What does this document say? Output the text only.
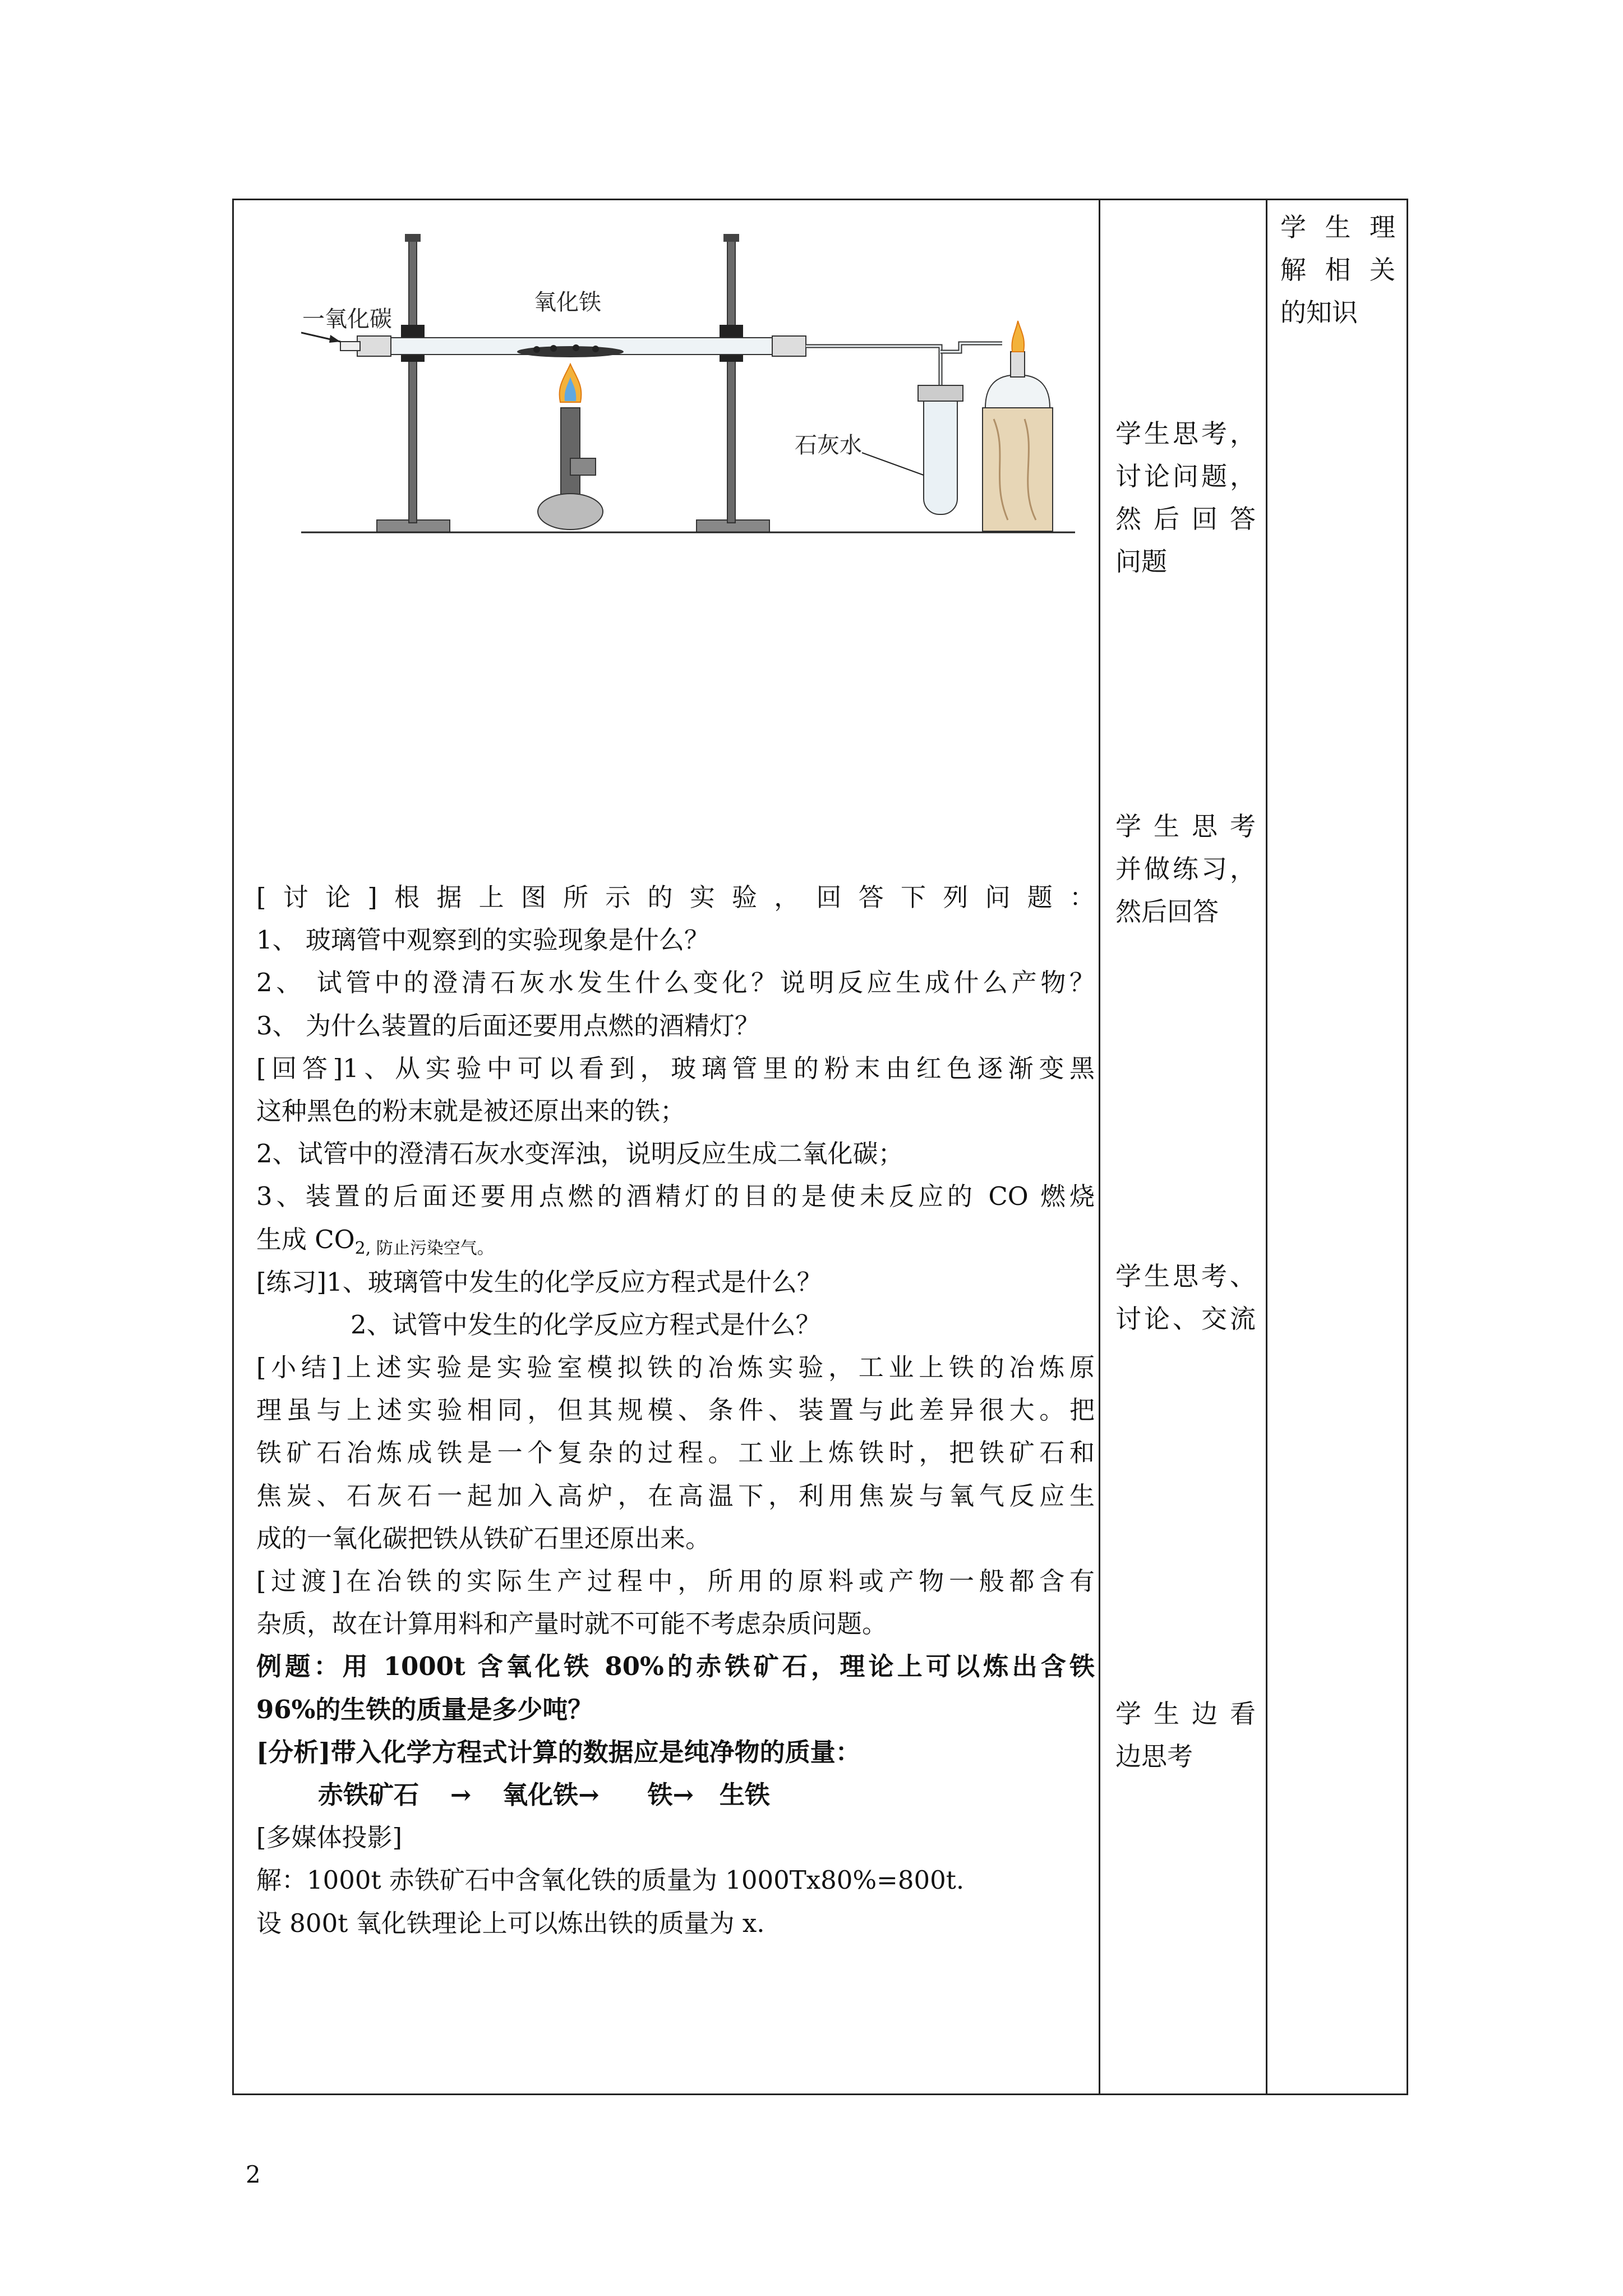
一氧化碳
氧化铁
石灰水
[讨论]根据上图所示的实验，回答下列问题：
1、 玻璃管中观察到的实验现象是什么？
2、 试管中的澄清石灰水发生什么变化？说明反应生成什么产物？
3、 为什么装置的后面还要用点燃的酒精灯？
[回答]1、从实验中可以看到，玻璃管里的粉末由红色逐渐变黑
这种黑色的粉末就是被还原出来的铁；
2、试管中的澄清石灰水变浑浊，说明反应生成二氧化碳；
3、装置的后面还要用点燃的酒精灯的目的是使未反应的 CO 燃烧
生成 $CO_{2, 防止污染空气。}$
[练习]1、玻璃管中发生的化学反应方程式是什么？
2、试管中发生的化学反应方程式是什么？
[小结]上述实验是实验室模拟铁的冶炼实验，工业上铁的冶炼原
理虽与上述实验相同，但其规模、条件、装置与此差异很大。把
铁矿石冶炼成铁是一个复杂的过程。工业上炼铁时，把铁矿石和
焦炭、石灰石一起加入高炉，在高温下，利用焦炭与氧气反应生
成的一氧化碳把铁从铁矿石里还原出来。
[过渡]在冶铁的实际生产过程中，所用的原料或产物一般都含有
杂质，故在计算用料和产量时就不可能不考虑杂质问题。
例题：用 1000t 含氧化铁 80%的赤铁矿石，理论上可以炼出含铁
96%的生铁的质量是多少吨？
[分析]带入化学方程式计算的数据应是纯净物的质量：
赤铁矿石 → 氧化铁→ 铁→ 生铁
[多媒体投影]
解：1000t 赤铁矿石中含氧化铁的质量为 1000Tx80%=800t.
设 800t 氧化铁理论上可以炼出铁的质量为 x.
学生思考，
讨论问题，
然后回答
问题
学生思考
并做练习，
然后回答
学生思考、
讨论、交流
学生边看
边思考
学生理
解相关
的知识
2
